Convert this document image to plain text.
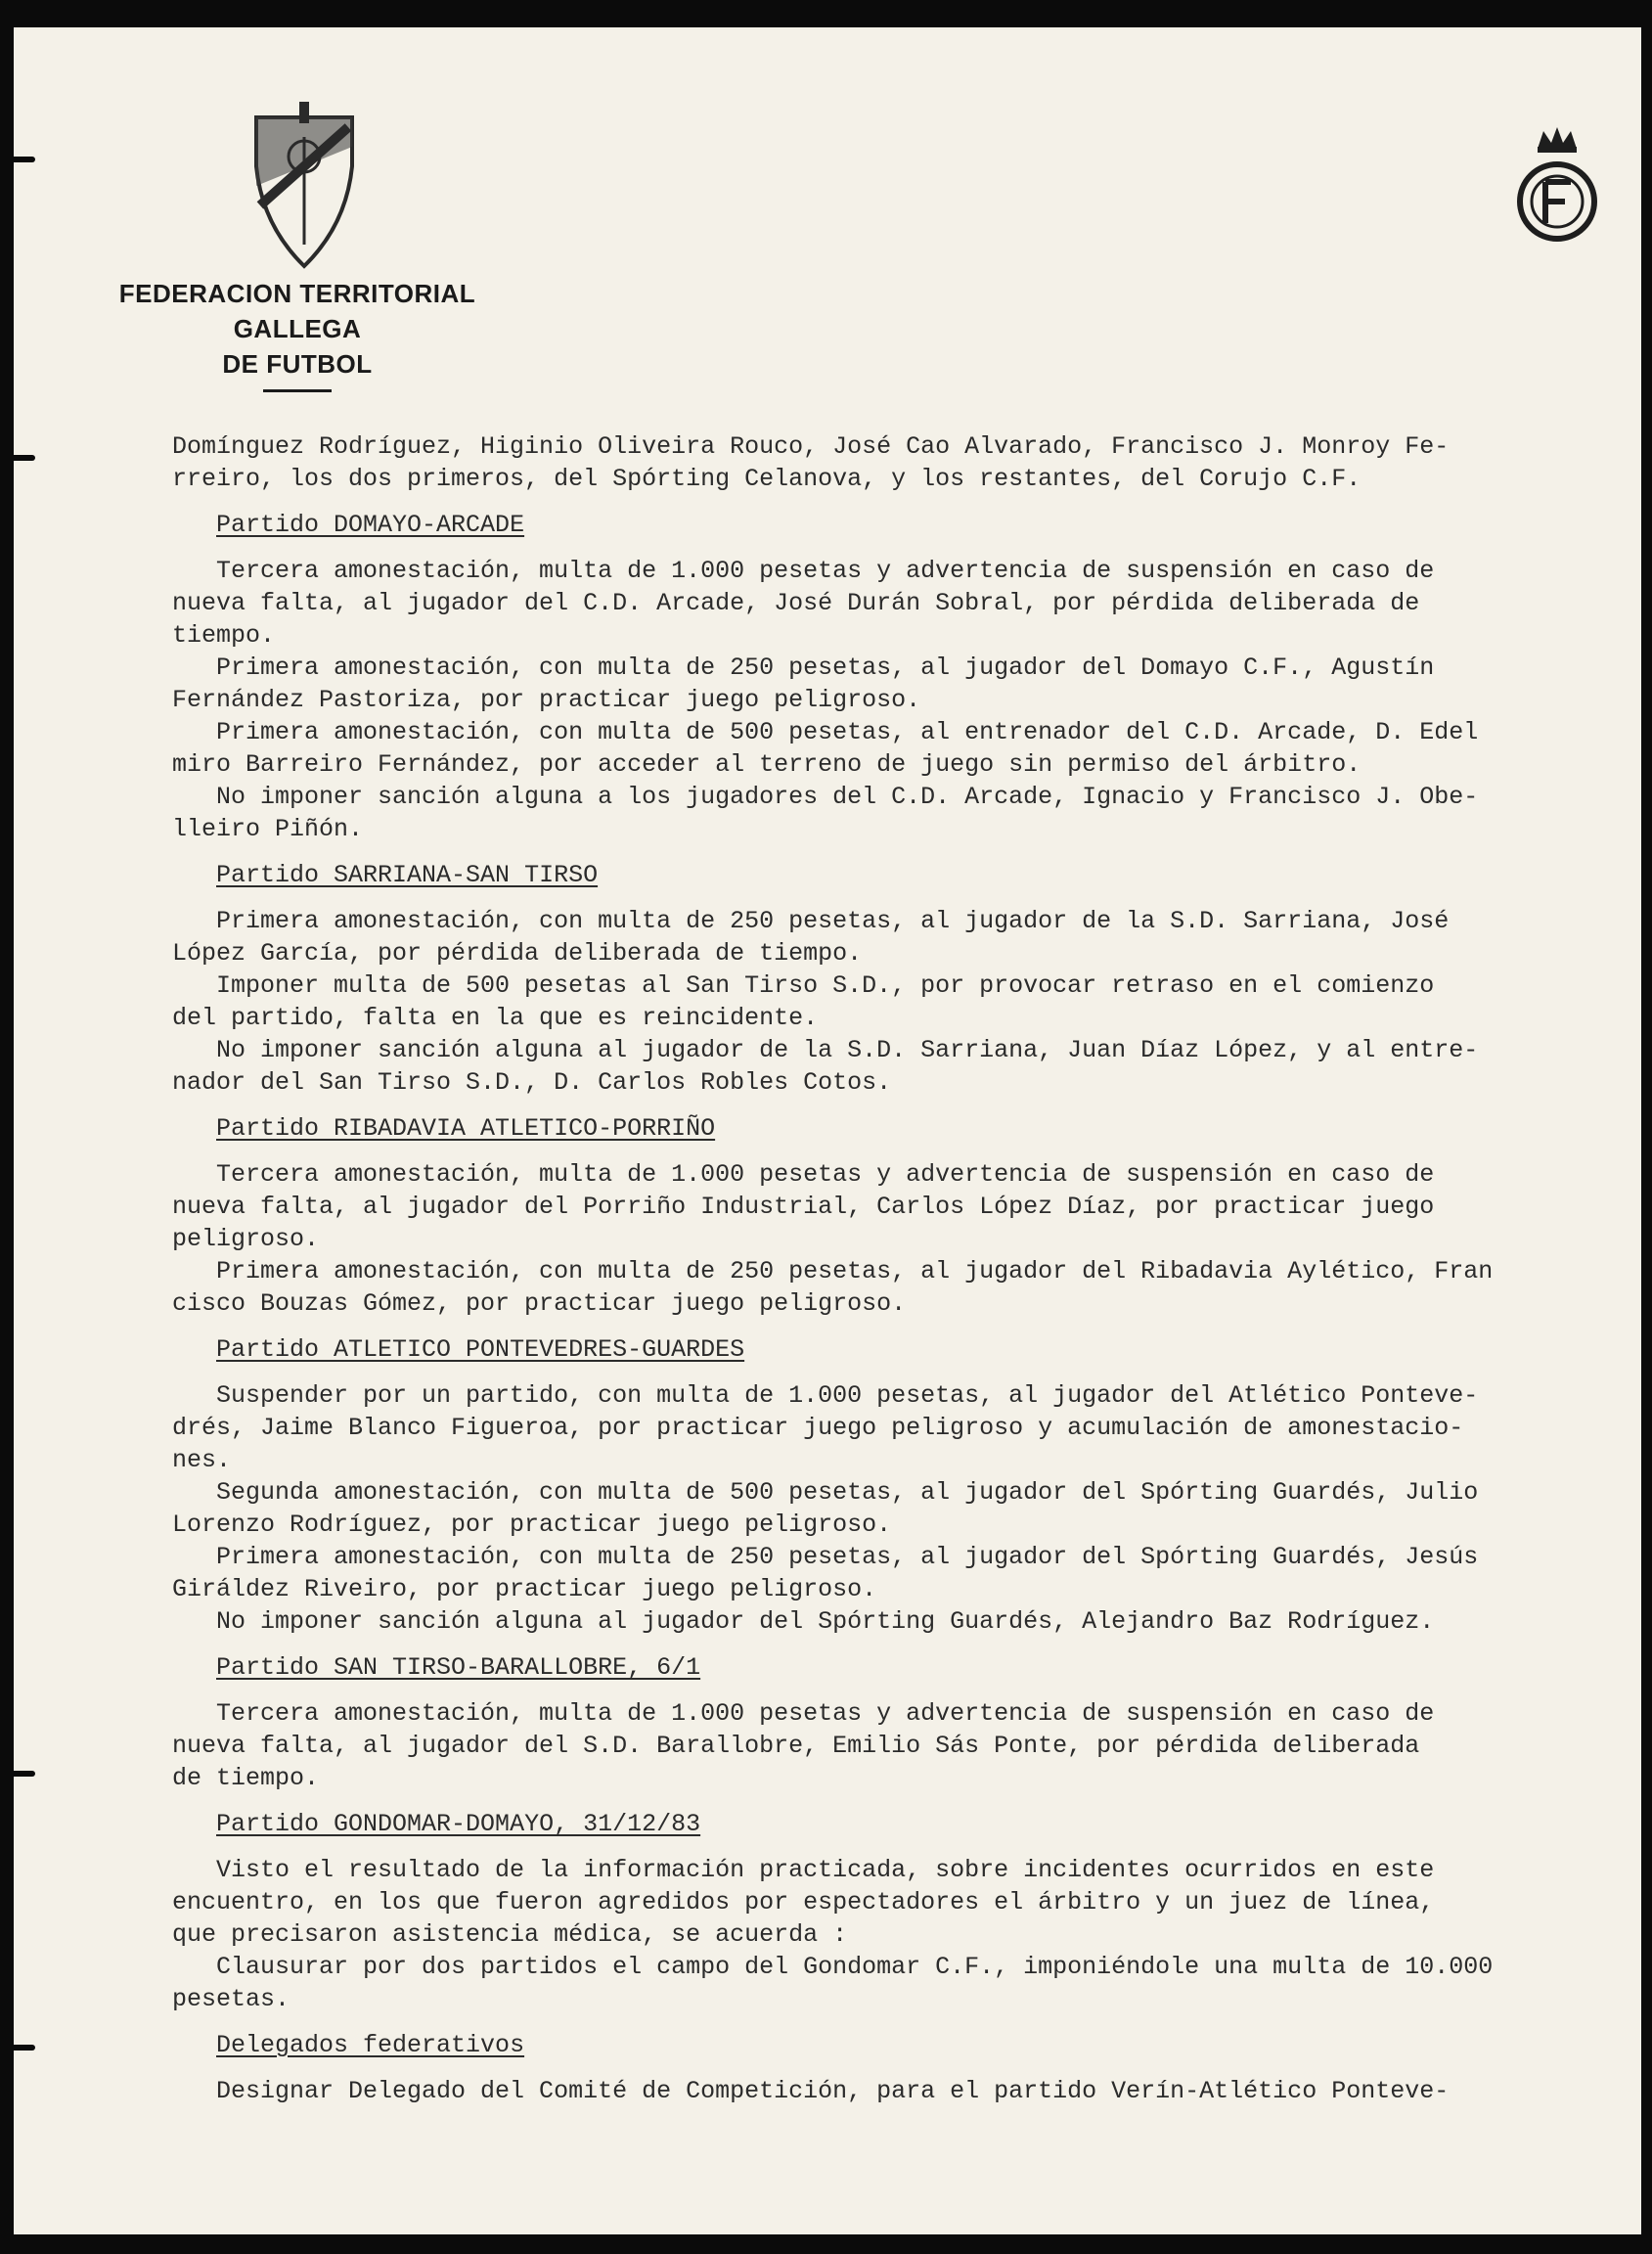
FEDERACION TERRITORIAL GALLEGA
DE FUTBOL
Domínguez Rodríguez, Higinio Oliveira Rouco, José Cao Alvarado, Francisco J. Monroy Fe-
rreiro, los dos primeros, del Spórting Celanova, y los restantes, del Corujo C.F.
Partido DOMAYO-ARCADE
Tercera amonestación, multa de 1.000 pesetas y advertencia de suspensión en caso de
nueva falta, al jugador del C.D. Arcade, José Durán Sobral, por pérdida deliberada de
tiempo.
Primera amonestación, con multa de 250 pesetas, al jugador del Domayo C.F., Agustín
Fernández Pastoriza, por practicar juego peligroso.
Primera amonestación, con multa de 500 pesetas, al entrenador del C.D. Arcade, D. Edel
miro Barreiro Fernández, por acceder al terreno de juego sin permiso del árbitro.
No imponer sanción alguna a los jugadores del C.D. Arcade, Ignacio y Francisco J. Obe-
lleiro Piñón.
Partido SARRIANA-SAN TIRSO
Primera amonestación, con multa de 250 pesetas, al jugador de la S.D. Sarriana, José
López García, por pérdida deliberada de tiempo.
Imponer multa de 500 pesetas al San Tirso S.D., por provocar retraso en el comienzo
del partido, falta en la que es reincidente.
No imponer sanción alguna al jugador de la S.D. Sarriana, Juan Díaz López, y al entre-
nador del San Tirso S.D., D. Carlos Robles Cotos.
Partido RIBADAVIA ATLETICO-PORRIÑO
Tercera amonestación, multa de 1.000 pesetas y advertencia de suspensión en caso de
nueva falta, al jugador del Porriño Industrial, Carlos López Díaz, por practicar juego
peligroso.
Primera amonestación, con multa de 250 pesetas, al jugador del Ribadavia Aylético, Fran
cisco Bouzas Gómez, por practicar juego peligroso.
Partido ATLETICO PONTEVEDRES-GUARDES
Suspender por un partido, con multa de 1.000 pesetas, al jugador del Atlético Ponteve-
drés, Jaime Blanco Figueroa, por practicar juego peligroso y acumulación de amonestacio-
nes.
Segunda amonestación, con multa de 500 pesetas, al jugador del Spórting Guardés, Julio
Lorenzo Rodríguez, por practicar juego peligroso.
Primera amonestación, con multa de 250 pesetas, al jugador del Spórting Guardés, Jesús
Giráldez Riveiro, por practicar juego peligroso.
No imponer sanción alguna al jugador del Spórting Guardés, Alejandro Baz Rodríguez.
Partido SAN TIRSO-BARALLOBRE, 6/1
Tercera amonestación, multa de 1.000 pesetas y advertencia de suspensión en caso de
nueva falta, al jugador del S.D. Barallobre, Emilio Sás Ponte, por pérdida deliberada
de tiempo.
Partido GONDOMAR-DOMAYO, 31/12/83
Visto el resultado de la información practicada, sobre incidentes ocurridos en este
encuentro, en los que fueron agredidos por espectadores el árbitro y un juez de línea,
que precisaron asistencia médica, se acuerda :
Clausurar por dos partidos el campo del Gondomar C.F., imponiéndole una multa de 10.000
pesetas.
Delegados federativos
Designar Delegado del Comité de Competición, para el partido Verín-Atlético Ponteve-
